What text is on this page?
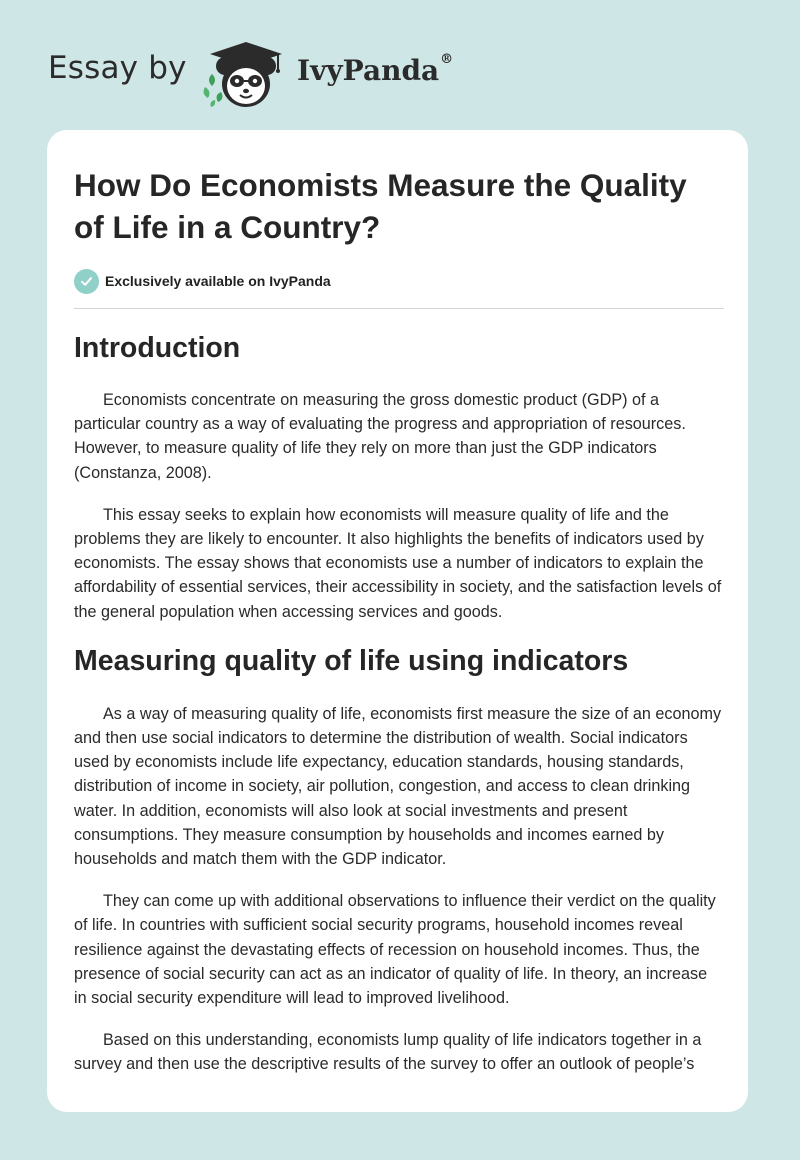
Essay by	IvyPanda®
How Do Economists Measure the Quality of Life in a Country?
Exclusively available on IvyPanda
Introduction

Economists concentrate on measuring the gross domestic product (GDP) of a particular country as a way of evaluating the progress and appropriation of resources. However, to measure quality of life they rely on more than just the GDP indicators (Constanza, 2008).

This essay seeks to explain how economists will measure quality of life and the problems they are likely to encounter. It also highlights the benefits of indicators used by economists. The essay shows that economists use a number of indicators to explain the affordability of essential services, their accessibility in society, and the satisfaction levels of the general population when accessing services and goods.

Measuring quality of life using indicators

As a way of measuring quality of life, economists first measure the size of an economy and then use social indicators to determine the distribution of wealth. Social indicators used by economists include life expectancy, education standards, housing standards, distribution of income in society, air pollution, congestion, and access to clean drinking water. In addition, economists will also look at social investments and present consumptions. They measure consumption by households and incomes earned by households and match them with the GDP indicator.

They can come up with additional observations to influence their verdict on the quality of life. In countries with sufficient social security programs, household incomes reveal resilience against the devastating effects of recession on household incomes. Thus, the presence of social security can act as an indicator of quality of life. In theory, an increase in social security expenditure will lead to improved livelihood.

Based on this understanding, economists lump quality of life indicators together in a survey and then use the descriptive results of the survey to offer an outlook of people’s
